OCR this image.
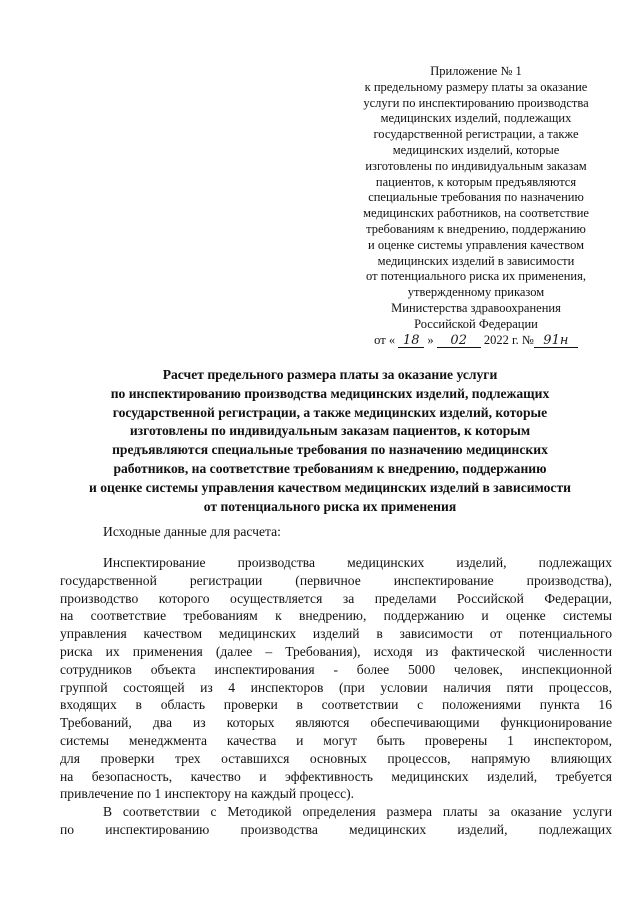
Приложение № 1
к предельному размеру платы за оказание
услуги по инспектированию производства
медицинских изделий, подлежащих
государственной регистрации, а также
медицинских изделий, которые
изготовлены по индивидуальным заказам
пациентов, к которым предъявляются
специальные требования по назначению
медицинских работников, на соответствие
требованиям к внедрению, поддержанию
и оценке системы управления качеством
медицинских изделий в зависимости
от потенциального риска их применения,
утвержденному приказом
Министерства здравоохранения
Российской Федерации
от « 18 » 02 2022 г. № 91н
Расчет предельного размера платы за оказание услуги
по инспектированию производства медицинских изделий, подлежащих
государственной регистрации, а также медицинских изделий, которые
изготовлены по индивидуальным заказам пациентов, к которым
предъявляются специальные требования по назначению медицинских
работников, на соответствие требованиям к внедрению, поддержанию
и оценке системы управления качеством медицинских изделий в зависимости
от потенциального риска их применения
Исходные данные для расчета:
Инспектирование производства медицинских изделий, подлежащих
государственной регистрации (первичное инспектирование производства),
производство которого осуществляется за пределами Российской Федерации,
на соответствие требованиям к внедрению, поддержанию и оценке системы
управления качеством медицинских изделий в зависимости от потенциального
риска их применения (далее – Требования), исходя из фактической численности
сотрудников объекта инспектирования - более 5000 человек, инспекционной
группой состоящей из 4 инспекторов (при условии наличия пяти процессов,
входящих в область проверки в соответствии с положениями пункта 16
Требований, два из которых являются обеспечивающими функционирование
системы менеджмента качества и могут быть проверены 1 инспектором,
для проверки трех оставшихся основных процессов, напрямую влияющих
на безопасность, качество и эффективность медицинских изделий, требуется
привлечение по 1 инспектору на каждый процесс).
В соответствии с Методикой определения размера платы за оказание услуги
по инспектированию производства медицинских изделий, подлежащих
